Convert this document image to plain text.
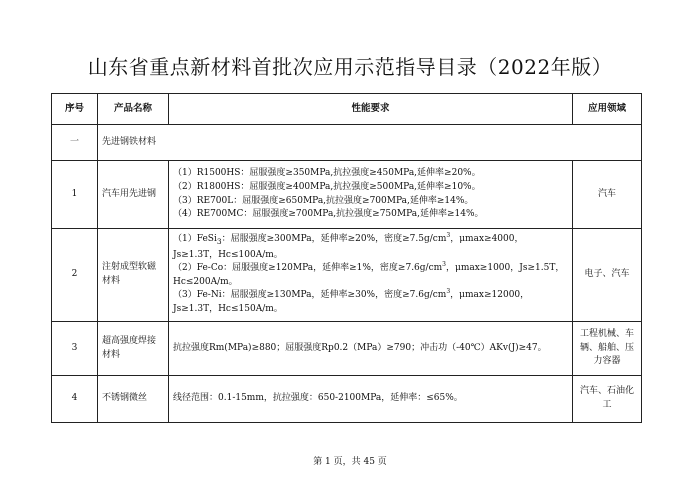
山东省重点新材料首批次应用示范指导目录（2022年版）
序号	产品名称	性能要求	应用领域
一	先进钢铁材料		
1	汽车用先进钢	（1）R1500HS：屈服强度≥350MPa,抗拉强度≥450MPa,延伸率≥20%。
（2）R1800HS：屈服强度≥400MPa,抗拉强度≥500MPa,延伸率≥10%。
（3）RE700L：屈服强度≥650MPa,抗拉强度≥700MPa,延伸率≥14%。
（4）RE700MC：屈服强度≥700MPa,抗拉强度≥750MPa,延伸率≥14%。	汽车
2	注射成型软磁材料	（1）FeSi$_3$：屈服强度≥300MPa，延伸率≥20%，密度$\ge 7.5g/cm^3$，μmax≥4000，Js≥1.3T，Hc≤100A/m。
（2）Fe-Co：屈服强度≥120MPa，延伸率≥1%，密度$\ge 7.6g/cm^3$，μmax≥1000，Js≥1.5T，Hc≤200A/m。
（3）Fe-Ni：屈服强度≥130MPa，延伸率≥30%，密度$\ge 7.6g/cm^3$，μmax≥12000，Js≥1.3T，Hc≤150A/m。	电子、汽车
3	超高强度焊接材料	抗拉强度Rm(MPa)≥880；屈服强度Rp0.2（MPa）≥790；冲击功（-40℃）AKv(J)≥47。	工程机械、车辆、船舶、压力容器
4	不锈钢微丝	线径范围：0.1-15mm，抗拉强度：650-2100MPa，延伸率：≤65%。	汽车、石油化工
第 1 页，共 45 页
